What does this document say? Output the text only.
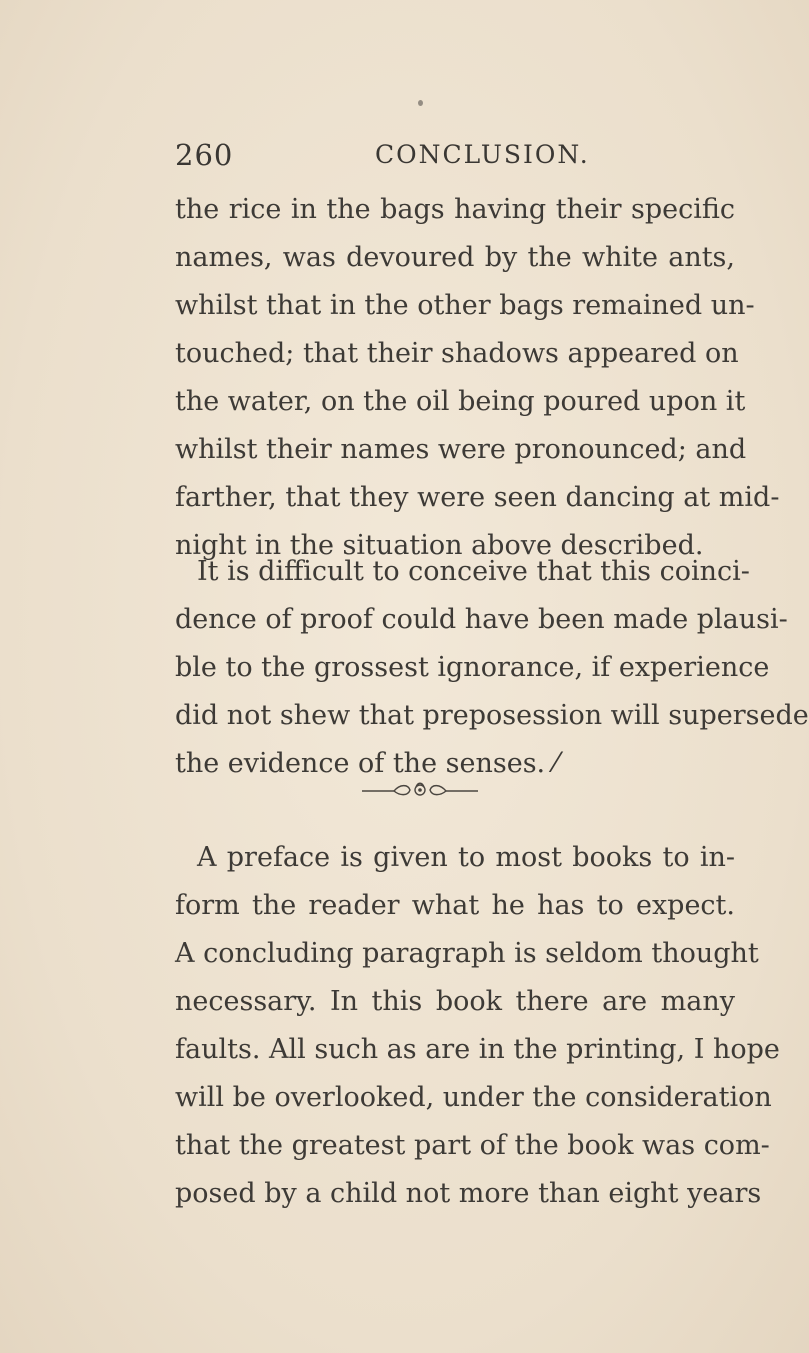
260	CONCLUSION.

the rice in the bags having their specific
names, was devoured by the white ants,
whilst that in the other bags remained un-
touched; that their shadows appeared on
the water, on the oil being poured upon it
whilst their names were pronounced; and
farther, that they were seen dancing at mid-
night in the situation above described.

It is difficult to conceive that this coinci-
dence of proof could have been made plausi-
ble to the grossest ignorance, if experience
did not shew that preposession will supersede
the evidence of the senses. ⁄

A preface is given to most books to in-
form the reader what he has to expect.
A concluding paragraph is seldom thought
necessary. In this book there are many
faults. All such as are in the printing, I hope
will be overlooked, under the consideration
that the greatest part of the book was com-
posed by a child not more than eight years
